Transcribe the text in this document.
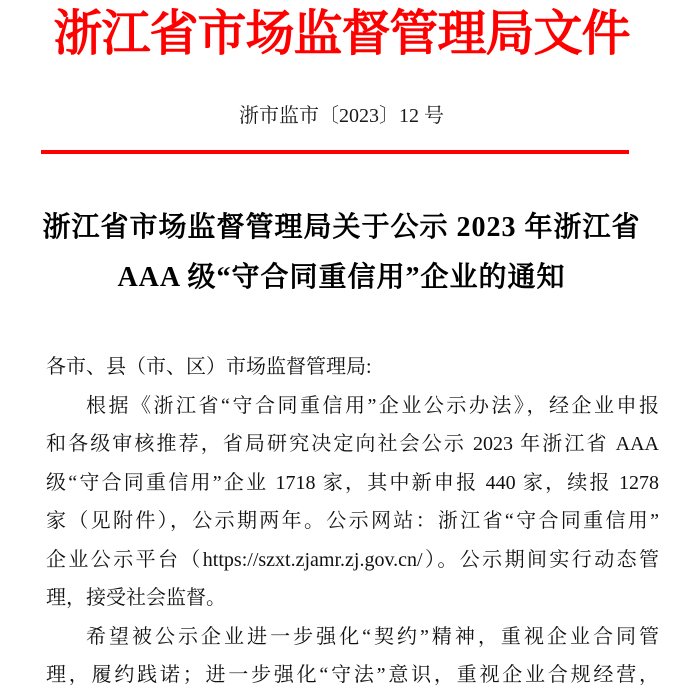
浙江省市场监督管理局文件
浙市监市〔2023〕12 号
浙江省市场监督管理局关于公示 2023 年浙江省
AAA 级“守合同重信用”企业的通知
各市、县（市、区）市场监督管理局:
根据《浙江省“守合同重信用”企业公示办法》，经企业申报
和各级审核推荐，省局研究决定向社会公示 2023 年浙江省 AAA
级“守合同重信用”企业 1718 家，其中新申报 440 家，续报 1278
家（见附件），公示期两年。公示网站：浙江省“守合同重信用”
企业公示平台（https://szxt.zjamr.zj.gov.cn/）。公示期间实行动态管
理，接受社会监督。
希望被公示企业进一步强化“契约”精神，重视企业合同管
理，履约践诺；进一步强化“守法”意识，重视企业合规经营，
